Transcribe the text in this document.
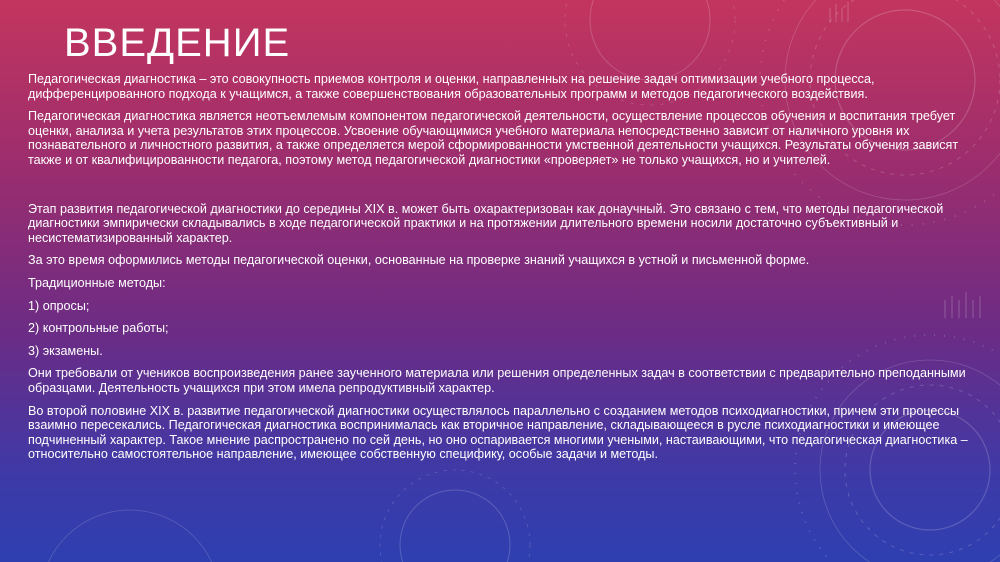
ВВЕДЕНИЕ

Педагогическая диагностика – это совокупность приемов контроля и оценки, направленных на решение задач оптимизации учебного процесса, дифференцированного подхода к учащимся, а также совершенствования образовательных программ и методов педагогического воздействия.

Педагогическая диагностика является неотъемлемым компонентом педагогической деятельности, осуществление процессов обучения и воспитания требует оценки, анализа и учета результатов этих процессов. Усвоение обучающимися учебного материала непосредственно зависит от наличного уровня их познавательного и личностного развития, а также определяется мерой сформированности умственной деятельности учащихся. Результаты обучения зависят также и от квалифицированности педагога, поэтому метод педагогической диагностики «проверяет» не только учащихся, но и учителей.

Этап развития педагогической диагностики до середины XIX в. может быть охарактеризован как донаучный. Это связано с тем, что методы педагогической диагностики эмпирически складывались в ходе педагогической практики и на протяжении длительного времени носили достаточно субъективный и несистематизированный характер.

За это время оформились методы педагогической оценки, основанные на проверке знаний учащихся в устной и письменной форме.

Традиционные методы:

1) опросы;

2) контрольные работы;

3) экзамены.

Они требовали от учеников воспроизведения ранее заученного материала или решения определенных задач в соответствии с предварительно преподанными образцами. Деятельность учащихся при этом имела репродуктивный характер.

Во второй половине XIX в. развитие педагогической диагностики осуществлялось параллельно с созданием методов психодиагностики, причем эти процессы взаимно пересекались. Педагогическая диагностика воспринималась как вторичное направление, складывающееся в русле психодиагностики и имеющее подчиненный характер. Такое мнение распространено по сей день, но оно оспаривается многими учеными, настаивающими, что педагогическая диагностика – относительно самостоятельное направление, имеющее собственную специфику, особые задачи и методы.
